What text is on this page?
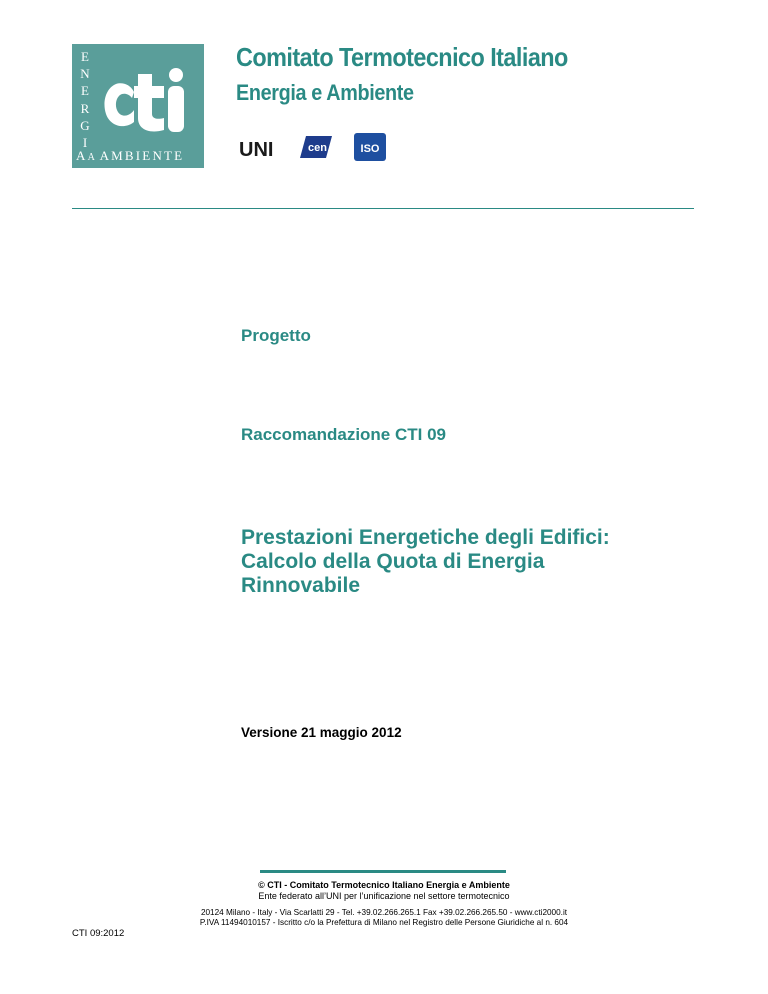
E
N
E
R
G
I
AA AMBIENTE
Comitato Termotecnico Italiano
Energia e Ambiente
UNI	cen	ISO
Progetto
Raccomandazione CTI 09
Prestazioni Energetiche degli Edifici:
Calcolo della Quota di Energia
Rinnovabile

Versione 21 maggio 2012

© CTI - Comitato Termotecnico Italiano Energia e Ambiente
Ente federato all’UNI per l’unificazione nel settore termotecnico
20124 Milano - Italy - Via Scarlatti 29 - Tel. +39.02.266.265.1 Fax +39.02.266.265.50 - www.cti2000.it
P.IVA 11494010157 - Iscritto c/o la Prefettura di Milano nel Registro delle Persone Giuridiche al n. 604
CTI 09:2012
